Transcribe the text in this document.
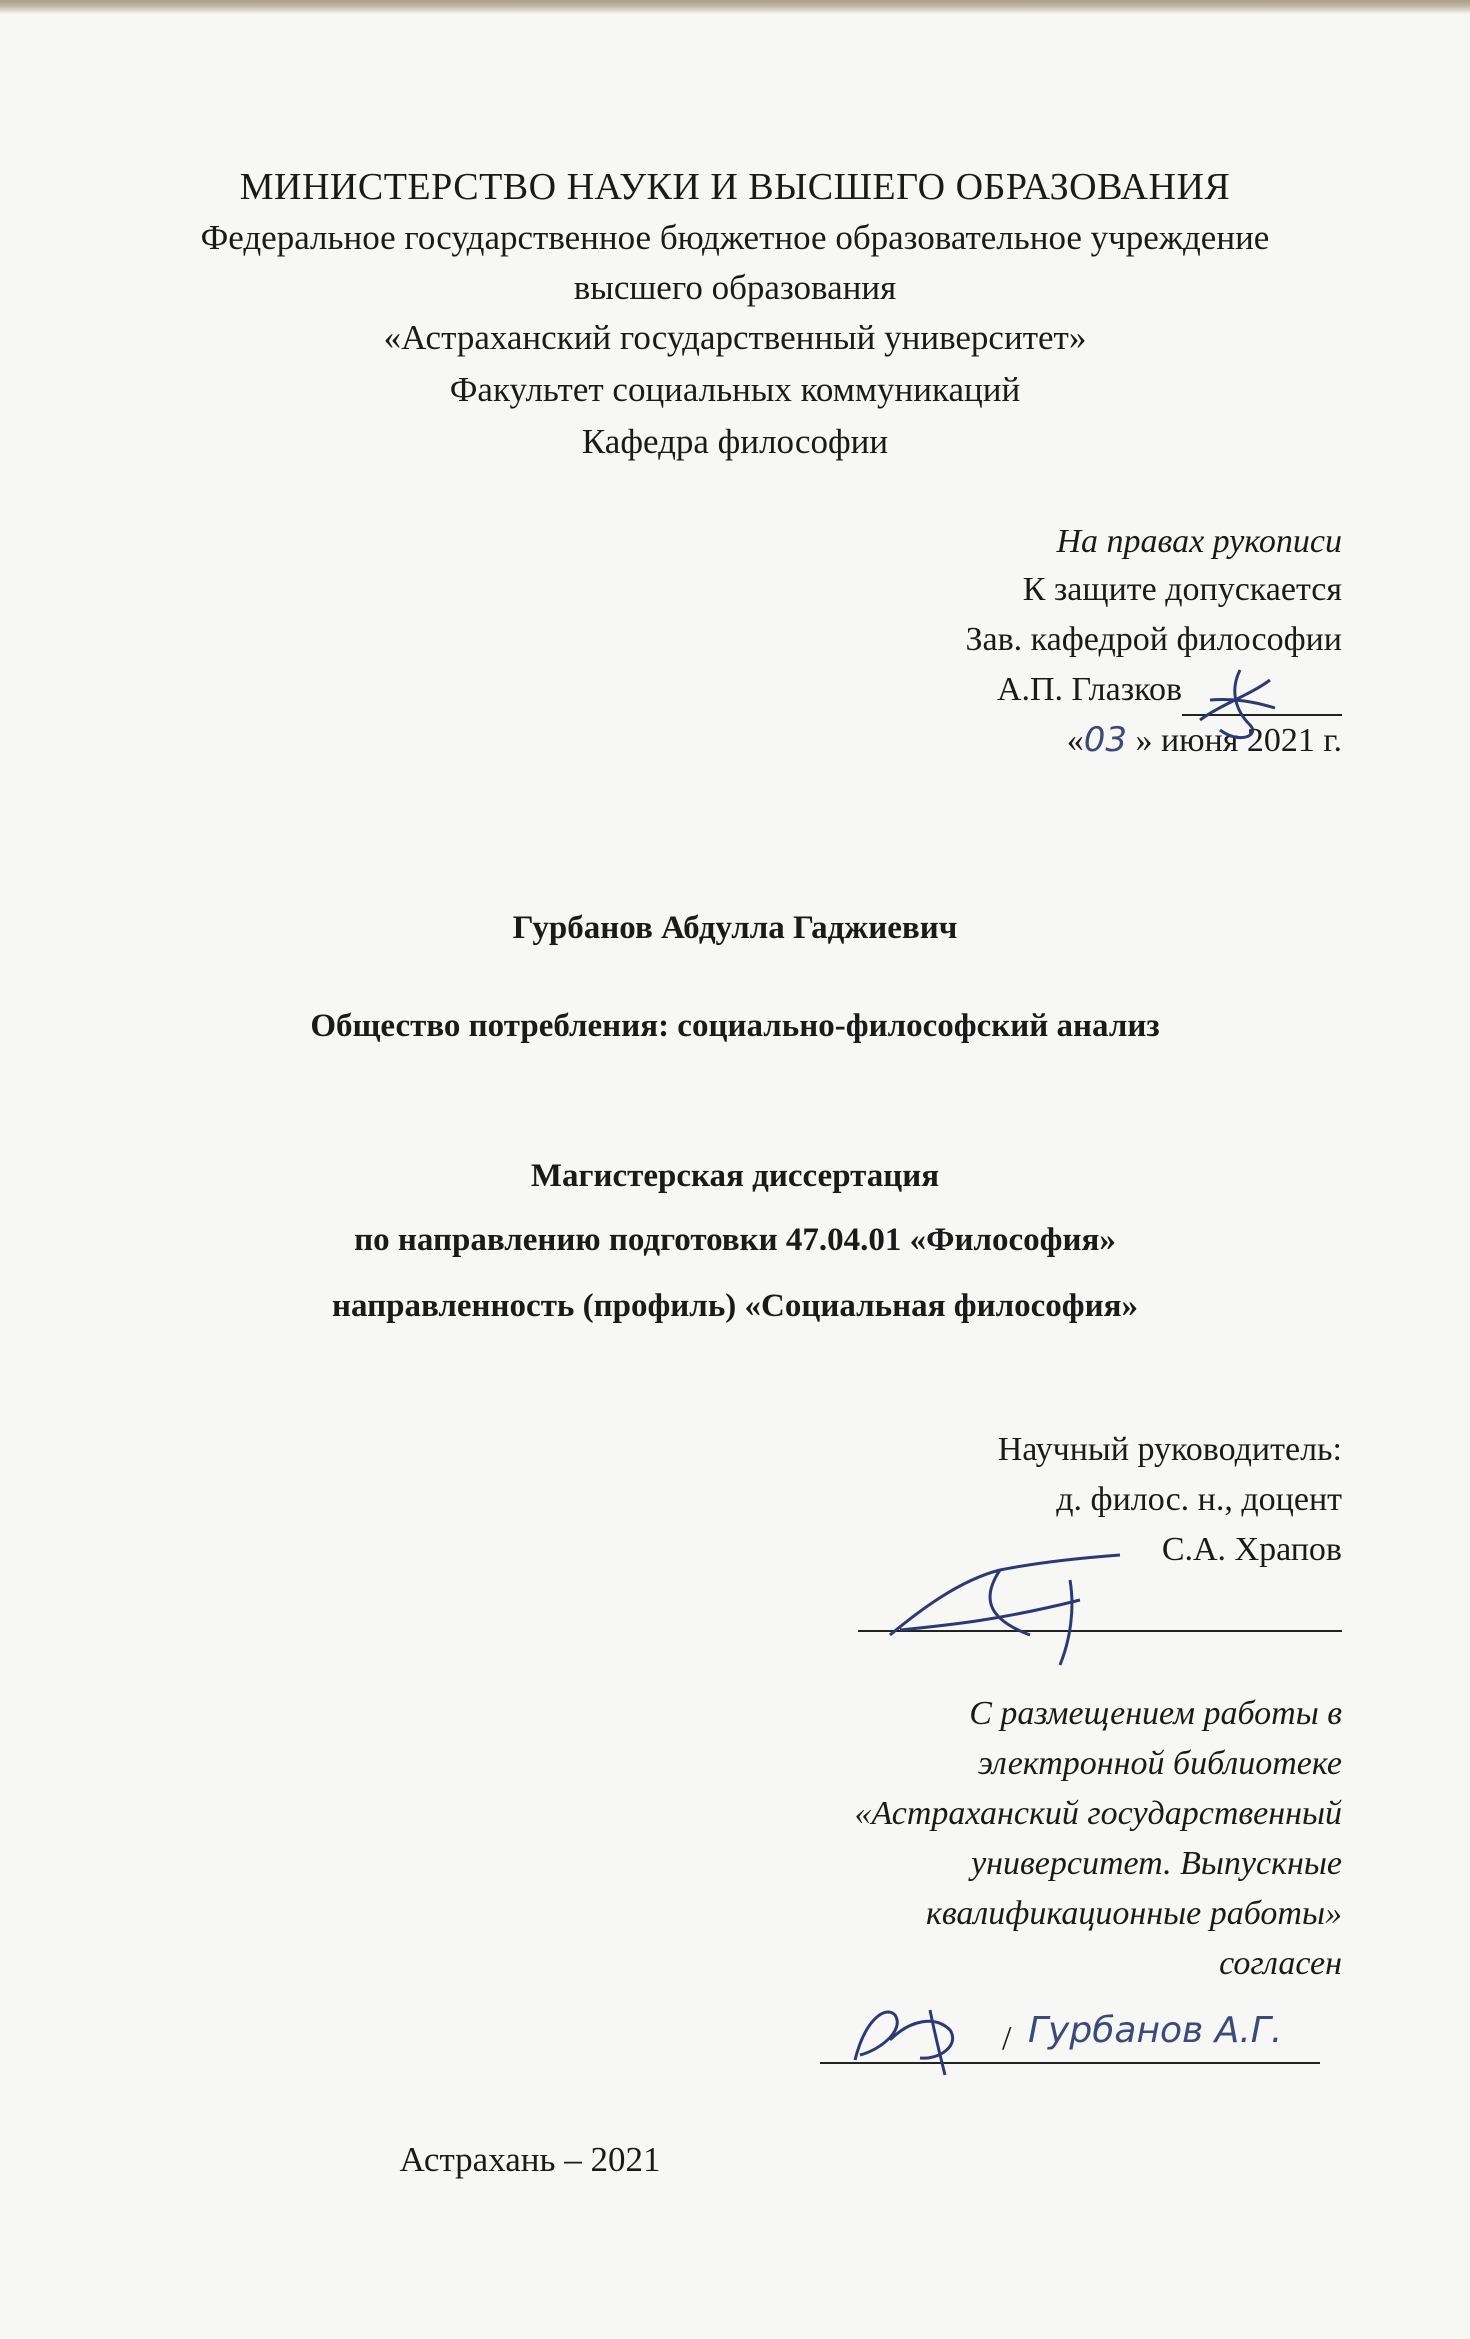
МИНИСТЕРСТВО НАУКИ И ВЫСШЕГО ОБРАЗОВАНИЯ

Федеральное государственное бюджетное образовательное учреждение

высшего образования

«Астраханский государственный университет»

Факультет социальных коммуникаций

Кафедра философии

На правах рукописи

К защите допускается

Зав. кафедрой философии

А.П. Глазков

«03 » июня 2021 г.

Гурбанов Абдулла Гаджиевич

Общество потребления: социально-философский анализ

Магистерская диссертация

по направлению подготовки 47.04.01 «Философия»

направленность (профиль) «Социальная философия»

Научный руководитель:

д. филос. н., доцент

С.А. Храпов

С размещением работы в

электронной библиотеке

«Астраханский государственный

университет. Выпускные

квалификационные работы»

согласен

/ Гурбанов А.Г.

Астрахань – 2021
